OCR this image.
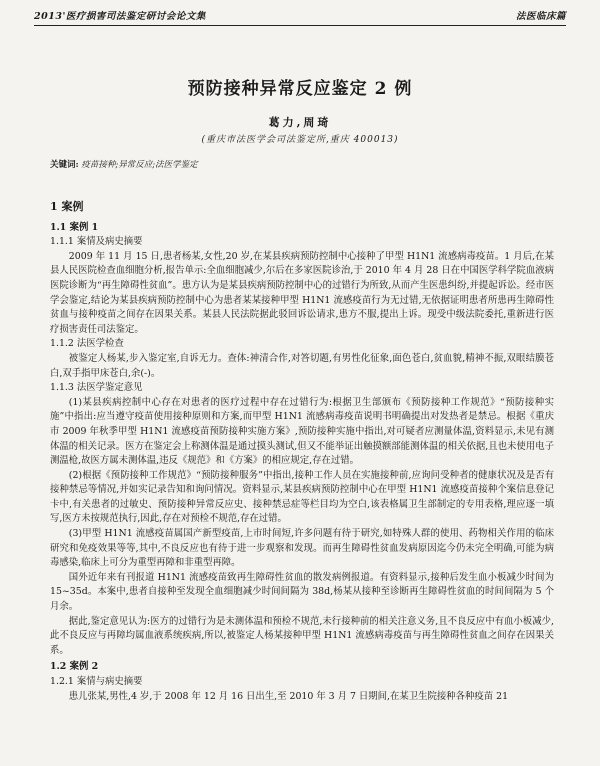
2013'医疗损害司法鉴定研讨会论文集	法医临床篇
预防接种异常反应鉴定 2 例
葛力,周琦
(重庆市法医学会司法鉴定所,重庆 400013)
关键词: 疫苗接种;异常反应;法医学鉴定
1 案例
1.1 案例 1
1.1.1 案情及病史摘要

2009 年 11 月 15 日,患者杨某,女性,20 岁,在某县疾病预防控制中心接种了甲型 H1N1 流感病毒疫苗。1 月后,在某县人民医院检查血细胞分析,报告单示:全血细胞减少,尔后在多家医院诊治,于 2010 年 4 月 28 日在中国医学科学院血液病医院诊断为“再生障碍性贫血”。患方认为是某县疾病预防控制中心的过错行为所致,从而产生医患纠纷,并提起诉讼。经市医学会鉴定,结论为某县疾病预防控制中心为患者某某接种甲型 H1N1 流感疫苗行为无过错,无依据证明患者所患再生障碍性贫血与接种疫苗之间存在因果关系。某县人民法院据此驳回诉讼请求,患方不服,提出上诉。现受中级法院委托,重新进行医疗损害责任司法鉴定。

1.1.2 法医学检查

被鉴定人杨某,步入鉴定室,自诉无力。查体:神清合作,对答切题,有男性化征象,面色苍白,贫血貌,精神不振,双眼结膜苍白,双手指甲床苍白,余(-)。

1.1.3 法医学鉴定意见

(1)某县疾病控制中心存在对患者的医疗过程中存在过错行为:根据卫生部颁布《预防接种工作规范》“预防接种实施”中指出:应当遵守疫苗使用接种原则和方案,而甲型 H1N1 流感病毒疫苗说明书明确提出对发热者是禁忌。根据《重庆市 2009 年秋季甲型 H1N1 流感疫苗预防接种实施方案》,预防接种实施中指出,对可疑者应测量体温,资料显示,未见有测体温的相关记录。医方在鉴定会上称测体温是通过摸头测试,但又不能举证出触摸额部能测体温的相关依据,且也未使用电子测温枪,故医方属未测体温,违反《规范》和《方案》的相应规定,存在过错。

(2)根据《预防接种工作规范》“预防接种服务”中指出,接种工作人员在实施接种前,应询问受种者的健康状况及是否有接种禁忌等情况,并如实记录告知和询问情况。资料显示,某县疾病预防控制中心在甲型 H1N1 流感疫苗接种个案信息登记卡中,有关患者的过敏史、预防接种异常反应史、接种禁忌症等栏目均为空白,该表格属卫生部制定的专用表格,理应逐一填写,医方未按规范执行,因此,存在对预检不规范,存在过错。

(3)甲型 H1N1 流感疫苗属国产新型疫苗,上市时间短,许多问题有待于研究,如特殊人群的使用、药物相关作用的临床研究和免疫效果等等,其中,不良反应也有待于进一步观察和发现。而再生障碍性贫血发病原因迄今仍未完全明确,可能为病毒感染,临床上可分为重型再障和非重型再障。

国外近年来有刊报道 H1N1 流感疫苗致再生障碍性贫血的散发病例报道。有资料显示,接种后发生血小板减少时间为 15~35d。本案中,患者自接种至发现全血细胞减少时间间隔为 38d,杨某从接种至诊断再生障碍性贫血的时间间隔为 5 个月余。

据此,鉴定意见认为:医方的过错行为是未测体温和预检不规范,未行接种前的相关注意义务,且不良反应中有血小板减少,此不良反应与再障均属血液系统疾病,所以,被鉴定人杨某接种甲型 H1N1 流感病毒疫苗与再生障碍性贫血之间存在因果关系。

1.2 案例 2
1.2.1 案情与病史摘要

患儿张某,男性,4 岁,于 2008 年 12 月 16 日出生,至 2010 年 3 月 7 日期间,在某卫生院接种各种疫苗 21
